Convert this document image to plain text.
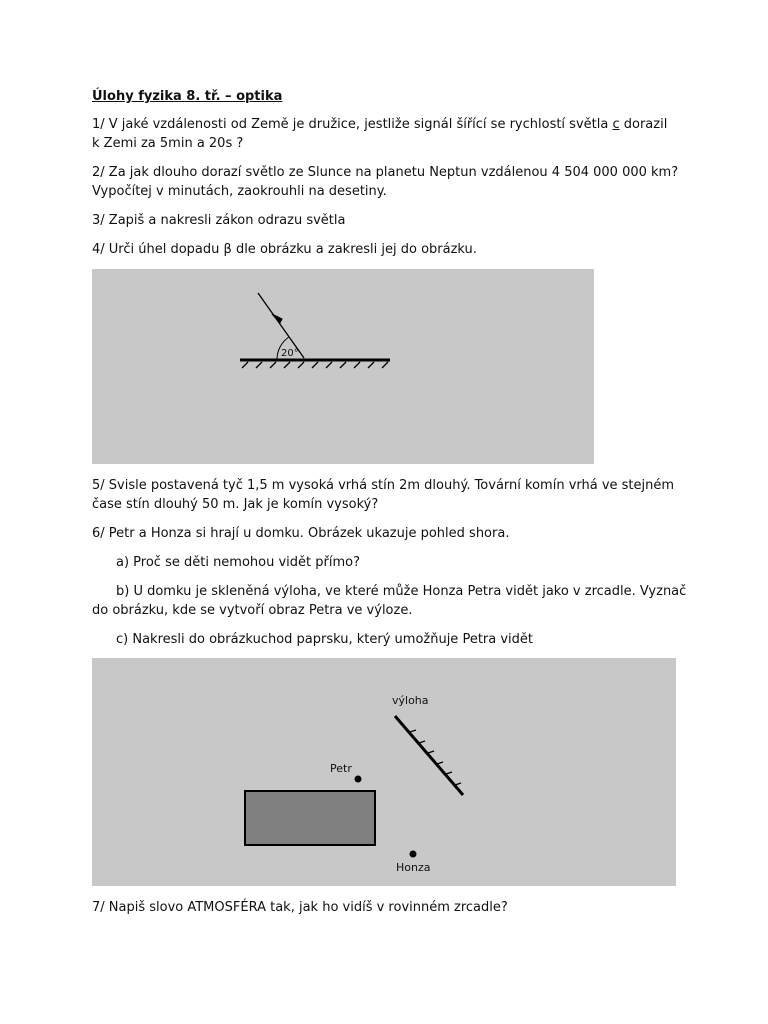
Úlohy fyzika 8. tř. – optika
1/ V jaké vzdálenosti od Země je družice, jestliže signál šířící se rychlostí světla c dorazil
k Zemi za 5min a 20s ?
2/ Za jak dlouho dorazí světlo ze Slunce na planetu Neptun vzdálenou 4 504 000 000 km?
Vypočítej v minutách, zaokrouhli na desetiny.
3/ Zapiš a nakresli zákon odrazu světla
4/ Urči úhel dopadu β dle obrázku a zakresli jej do obrázku.
20°
5/ Svisle postavená tyč 1,5 m vysoká vrhá stín 2m dlouhý. Tovární komín vrhá ve stejném
čase stín dlouhý 50 m. Jak je komín vysoký?
6/ Petr a Honza si hrají u domku. Obrázek ukazuje pohled shora.
a) Proč se děti nemohou vidět přímo?
b) U domku je skleněná výloha, ve které může Honza Petra vidět jako v zrcadle. Vyznač
do obrázku, kde se vytvoří obraz Petra ve výloze.
c) Nakresli do obrázkuchod paprsku, který umožňuje Petra vidět
výloha
Petr
Honza
7/ Napiš slovo ATMOSFÉRA tak, jak ho vidíš v rovinném zrcadle?
